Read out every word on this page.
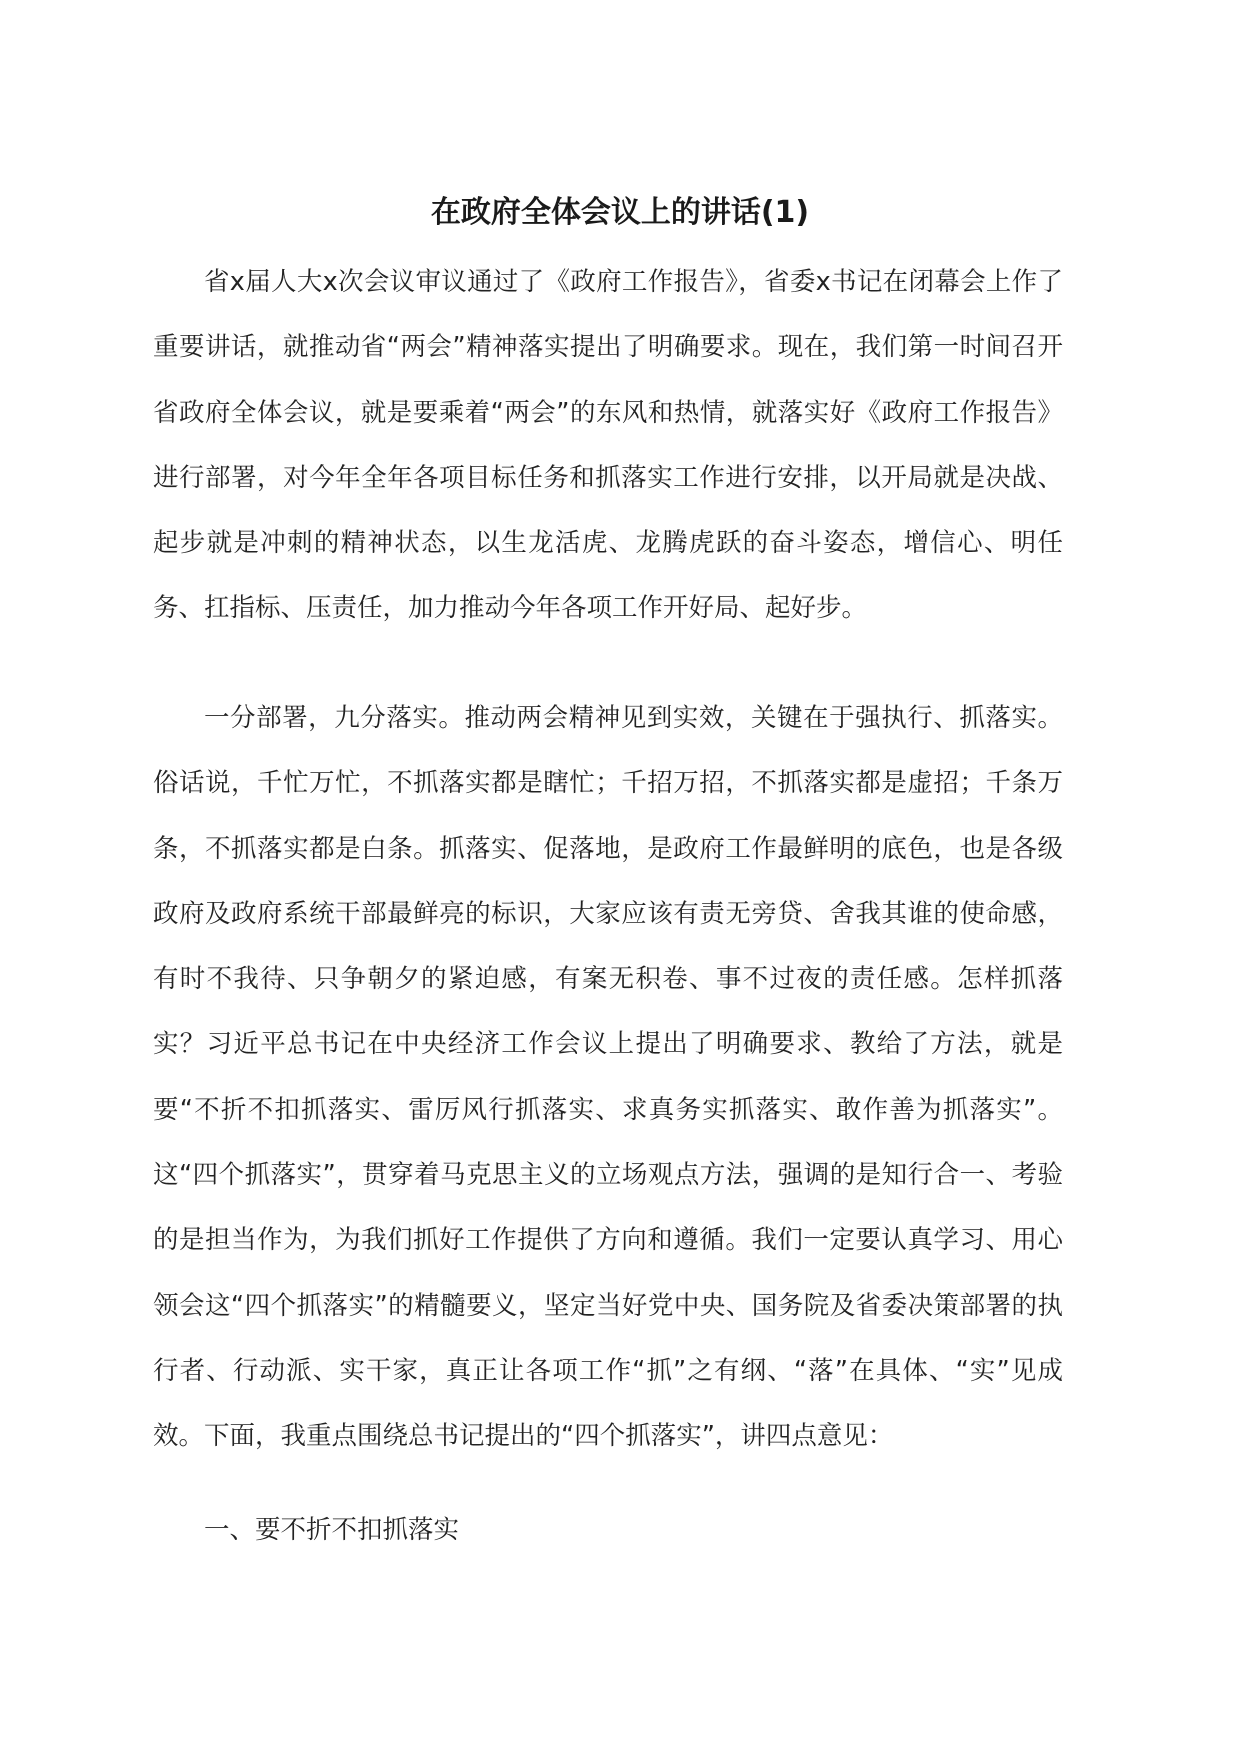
在政府全体会议上的讲话(1)

省x届人大x次会议审议通过了《政府工作报告》，省委x书记在闭幕会上作了重要讲话，就推动省“两会”精神落实提出了明确要求。现在，我们第一时间召开省政府全体会议，就是要乘着“两会”的东风和热情，就落实好《政府工作报告》进行部署，对今年全年各项目标任务和抓落实工作进行安排，以开局就是决战、起步就是冲刺的精神状态，以生龙活虎、龙腾虎跃的奋斗姿态，增信心、明任务、扛指标、压责任，加力推动今年各项工作开好局、起好步。

一分部署，九分落实。推动两会精神见到实效，关键在于强执行、抓落实。俗话说，千忙万忙，不抓落实都是瞎忙；千招万招，不抓落实都是虚招；千条万条，不抓落实都是白条。抓落实、促落地，是政府工作最鲜明的底色，也是各级政府及政府系统干部最鲜亮的标识，大家应该有责无旁贷、舍我其谁的使命感，有时不我待、只争朝夕的紧迫感，有案无积卷、事不过夜的责任感。怎样抓落实？习近平总书记在中央经济工作会议上提出了明确要求、教给了方法，就是要“不折不扣抓落实、雷厉风行抓落实、求真务实抓落实、敢作善为抓落实”。这“四个抓落实”，贯穿着马克思主义的立场观点方法，强调的是知行合一、考验的是担当作为，为我们抓好工作提供了方向和遵循。我们一定要认真学习、用心领会这“四个抓落实”的精髓要义，坚定当好党中央、国务院及省委决策部署的执行者、行动派、实干家，真正让各项工作“抓”之有纲、“落”在具体、“实”见成效。下面，我重点围绕总书记提出的“四个抓落实”，讲四点意见：

一、要不折不扣抓落实
